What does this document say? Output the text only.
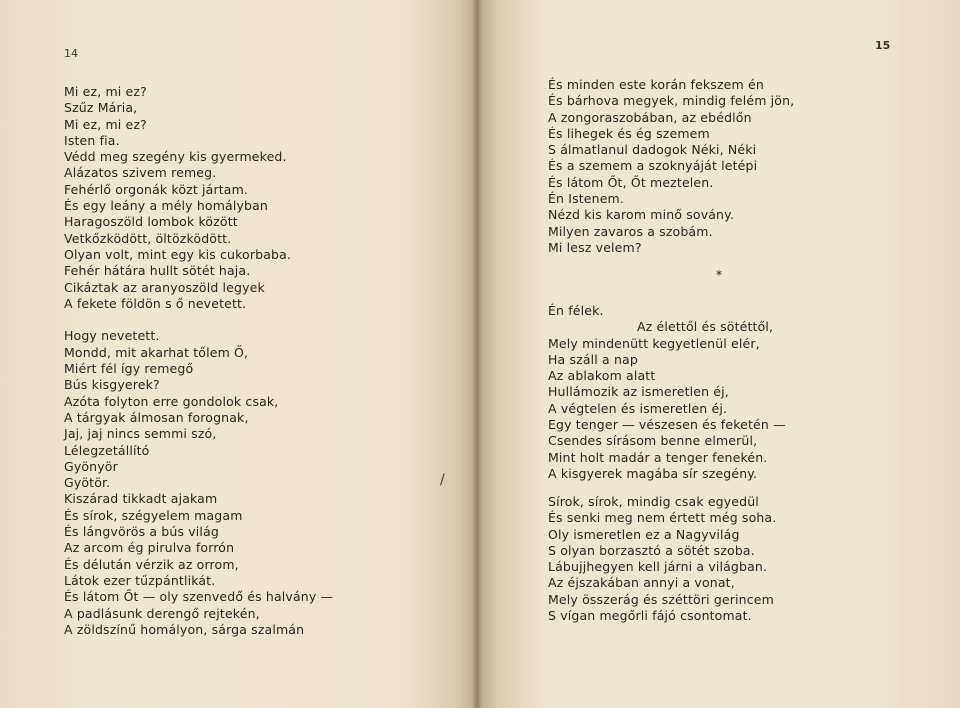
14
Mi ez, mi ez?
Szűz Mária,
Mi ez, mi ez?
Isten fia.
Védd meg szegény kis gyermeked.
Alázatos szivem remeg.
Fehérlő orgonák közt jártam.
És egy leány a mély homályban
Haragoszöld lombok között
Vetkőzködött, öltözködött.
Olyan volt, mint egy kis cukorbaba.
Fehér hátára hullt sötét haja.
Cikáztak az aranyoszöld legyek
A fekete földön s ő nevetett.
Hogy nevetett.
Mondd, mit akarhat tőlem Ő,
Miért fél így remegő
Bús kisgyerek?
Azóta folyton erre gondolok csak,
A tárgyak álmosan forognak,
Jaj, jaj nincs semmi szó,
Lélegzetállító
Gyönyör
Gyötör.
Kiszárad tikkadt ajakam
És sírok, szégyelem magam
És lángvörös a bús világ
Az arcom ég pirulva forrón
És délután vérzik az orrom,
Látok ezer tűzpántlikát.
És látom Őt — oly szenvedő és halvány —
A padlásunk derengő rejtekén,
A zöldszínű homályon, sárga szalmán
/
15
És minden este korán fekszem én
És bárhova megyek, mindig felém jön,
A zongoraszobában, az ebédlőn
És lihegek és ég szemem
S álmatlanul dadogok Néki, Néki
És a szemem a szoknyáját letépi
És látom Őt, Őt meztelen.
Én Istenem.
Nézd kis karom minő sovány.
Milyen zavaros a szobám.
Mi lesz velem?
*
Én félek.
Az élettől és sötéttől,
Mely mindenütt kegyetlenül elér,
Ha száll a nap
Az ablakom alatt
Hullámozik az ismeretlen éj,
A végtelen és ismeretlen éj.
Egy tenger — vészesen és feketén —
Csendes sírásom benne elmerül,
Mint holt madár a tenger fenekén.
A kisgyerek magába sír szegény.
Sírok, sírok, mindig csak egyedül
És senki meg nem értett még soha.
Oly ismeretlen ez a Nagyvilág
S olyan borzasztó a sötét szoba.
Lábujjhegyen kell járni a világban.
Az éjszakában annyi a vonat,
Mely összerág és széttöri gerincem
S vígan megőrli fájó csontomat.
